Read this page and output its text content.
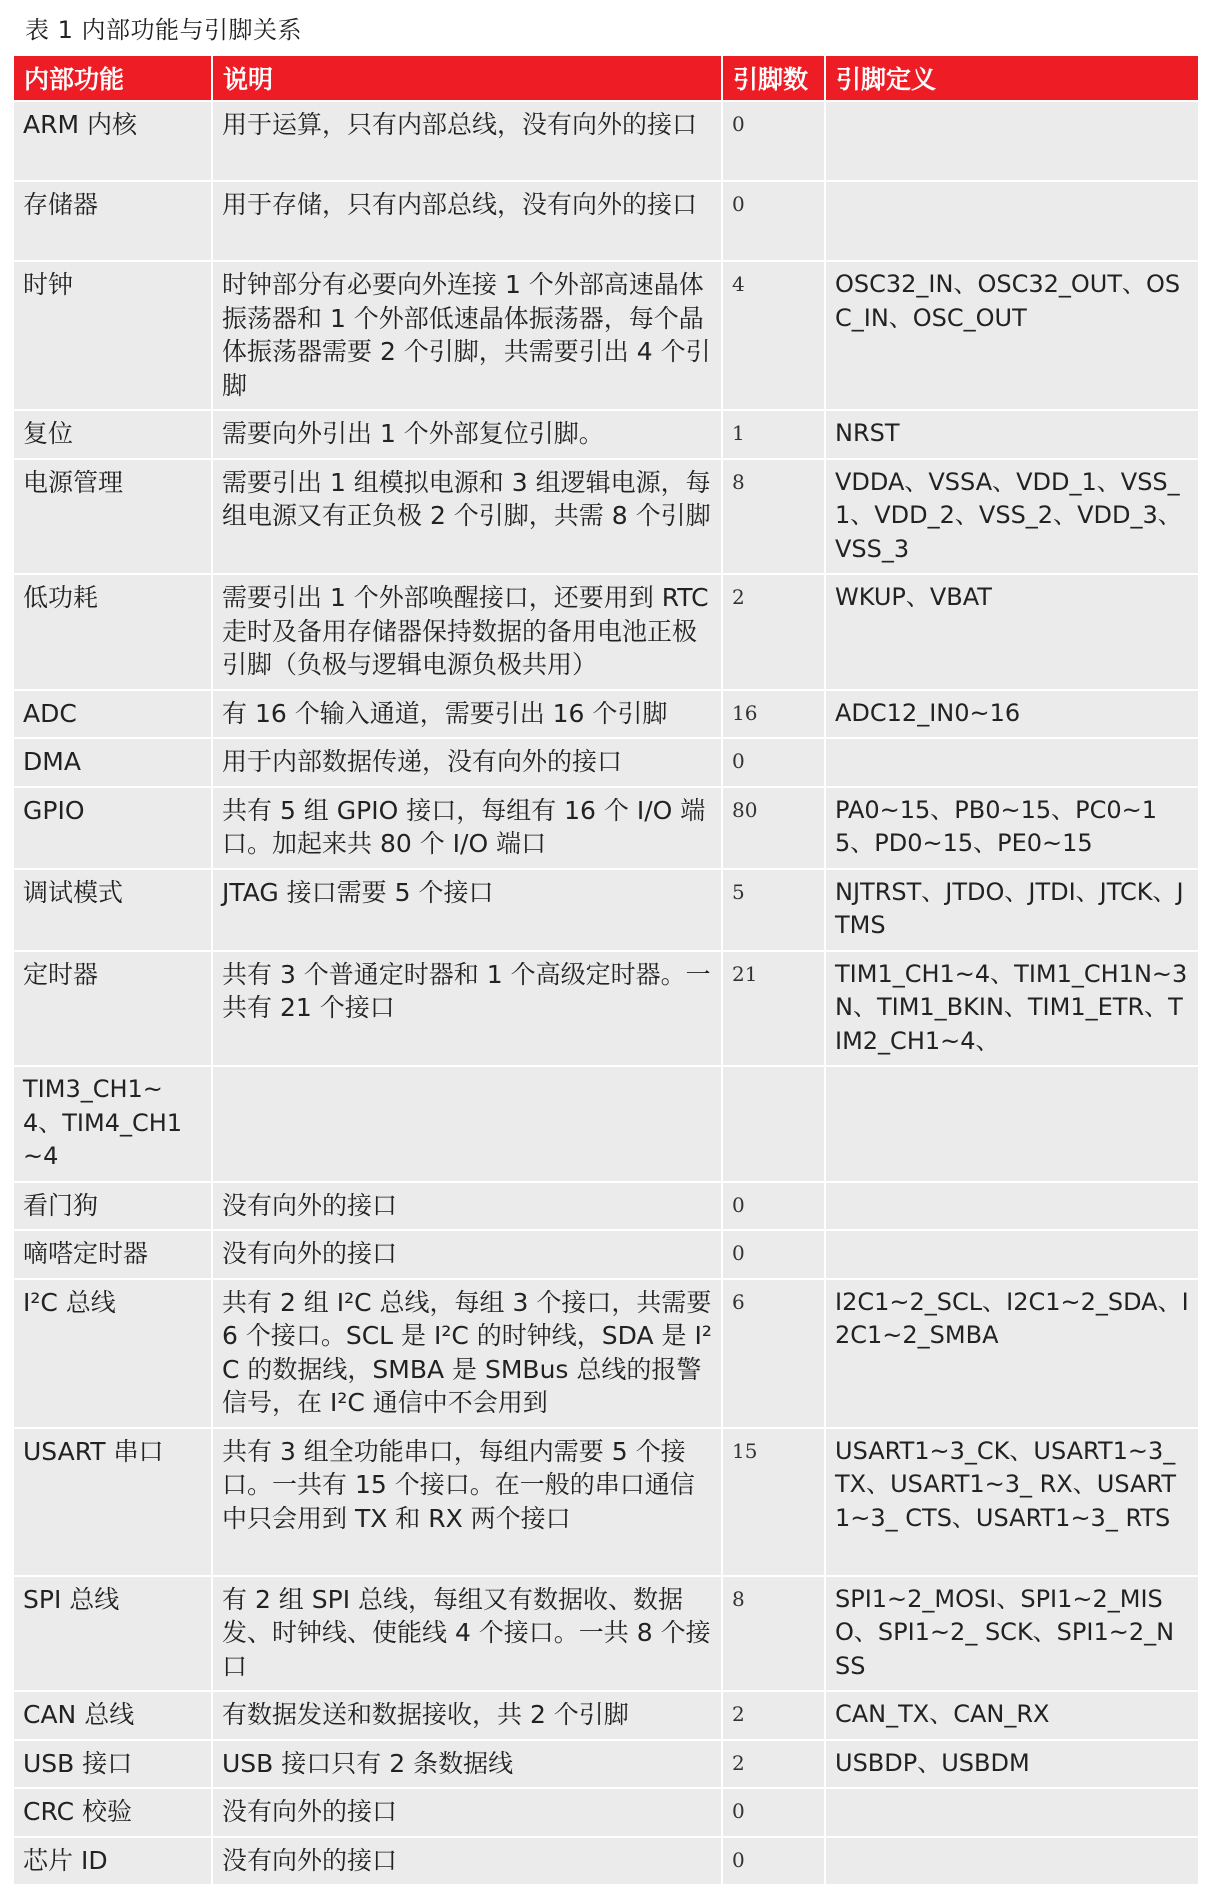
表 1 内部功能与引脚关系
内部功能	说明	引脚数	引脚定义
ARM 内核	用于运算，只有内部总线，没有向外的接口	0	
存储器	用于存储，只有内部总线，没有向外的接口	0	
时钟	时钟部分有必要向外连接 1 个外部高速晶体振荡器和 1 个外部低速晶体振荡器，每个晶体振荡器需要 2 个引脚，共需要引出 4 个引脚	4	OSC32_IN、OSC32_OUT、OSC_IN、OSC_OUT
复位	需要向外引出 1 个外部复位引脚。	1	NRST
电源管理	需要引出 1 组模拟电源和 3 组逻辑电源，每组电源又有正负极 2 个引脚，共需 8 个引脚	8	VDDA、VSSA、VDD_1、VSS_1、VDD_2、VSS_2、VDD_3、VSS_3
低功耗	需要引出 1 个外部唤醒接口，还要用到 RTC 走时及备用存储器保持数据的备用电池正极引脚（负极与逻辑电源负极共用）	2	WKUP、VBAT
ADC	有 16 个输入通道，需要引出 16 个引脚	16	ADC12_IN0~16
DMA	用于内部数据传递，没有向外的接口	0	
GPIO	共有 5 组 GPIO 接口，每组有 16 个 I/O 端口。加起来共 80 个 I/O 端口	80	PA0~15、PB0~15、PC0~15、PD0~15、PE0~15
调试模式	JTAG 接口需要 5 个接口	5	NJTRST、JTDO、JTDI、JTCK、JTMS
定时器	共有 3 个普通定时器和 1 个高级定时器。一共有 21 个接口	21	TIM1_CH1~4、TIM1_CH1N~3N、TIM1_BKIN、TIM1_ETR、TIM2_CH1~4、
TIM3_CH1~4、TIM4_CH1~4			
看门狗	没有向外的接口	0	
嘀嗒定时器	没有向外的接口	0	
I²C 总线	共有 2 组 I²C 总线，每组 3 个接口，共需要 6 个接口。SCL 是 I²C 的时钟线，SDA 是 I²C 的数据线，SMBA 是 SMBus 总线的报警信号，在 I²C 通信中不会用到	6	I2C1~2_SCL、I2C1~2_SDA、I2C1~2_SMBA
USART 串口	共有 3 组全功能串口，每组内需要 5 个接口。一共有 15 个接口。在一般的串口通信中只会用到 TX 和 RX 两个接口	15	USART1~3_CK、USART1~3_TX、USART1~3_ RX、USART1~3_ CTS、USART1~3_ RTS
SPI 总线	有 2 组 SPI 总线，每组又有数据收、数据发、时钟线、使能线 4 个接口。一共 8 个接口	8	SPI1~2_MOSI、SPI1~2_MISO、SPI1~2_ SCK、SPI1~2_NSS
CAN 总线	有数据发送和数据接收，共 2 个引脚	2	CAN_TX、CAN_RX
USB 接口	USB 接口只有 2 条数据线	2	USBDP、USBDM
CRC 校验	没有向外的接口	0	
芯片 ID	没有向外的接口	0	
